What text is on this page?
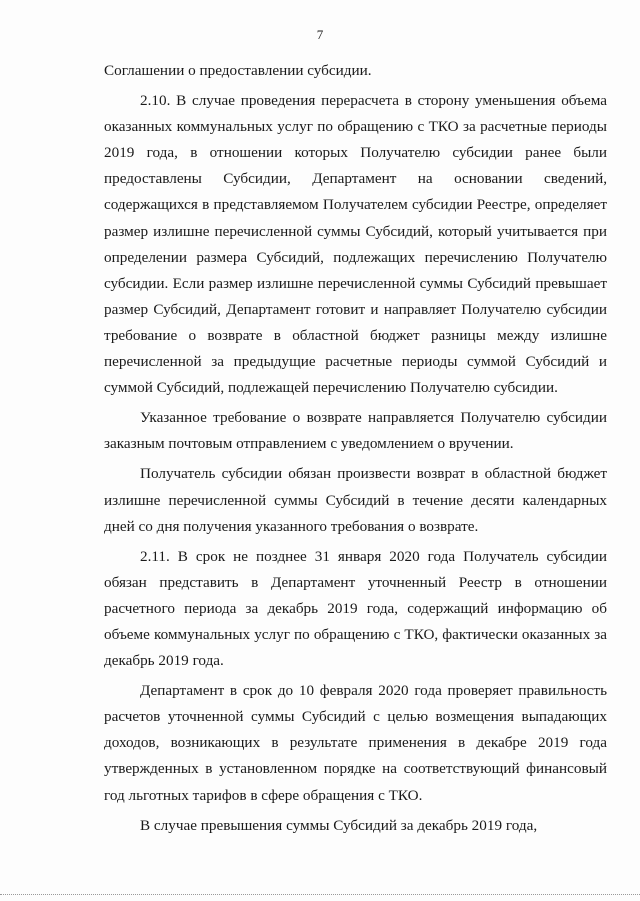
7

Соглашении о предоставлении субсидии.

2.10. В случае проведения перерасчета в сторону уменьшения объема оказанных коммунальных услуг по обращению с ТКО за расчетные периоды 2019 года, в отношении которых Получателю субсидии ранее были предоставлены Субсидии, Департамент на основании сведений, содержащихся в представляемом Получателем субсидии Реестре, определяет размер излишне перечисленной суммы Субсидий, который учитывается при определении размера Субсидий, подлежащих перечислению Получателю субсидии. Если размер излишне перечисленной суммы Субсидий превышает размер Субсидий, Департамент готовит и направляет Получателю субсидии требование о возврате в областной бюджет разницы между излишне перечисленной за предыдущие расчетные периоды суммой Субсидий и суммой Субсидий, подлежащей перечислению Получателю субсидии.

Указанное требование о возврате направляется Получателю субсидии заказным почтовым отправлением с уведомлением о вручении.

Получатель субсидии обязан произвести возврат в областной бюджет излишне перечисленной суммы Субсидий в течение десяти календарных дней со дня получения указанного требования о возврате.

2.11. В срок не позднее 31 января 2020 года Получатель субсидии обязан представить в Департамент уточненный Реестр в отношении расчетного периода за декабрь 2019 года, содержащий информацию об объеме коммунальных услуг по обращению с ТКО, фактически оказанных за декабрь 2019 года.

Департамент в срок до 10 февраля 2020 года проверяет правильность расчетов уточненной суммы Субсидий с целью возмещения выпадающих доходов, возникающих в результате применения в декабре 2019 года утвержденных в установленном порядке на соответствующий финансовый год льготных тарифов в сфере обращения с ТКО.

В случае превышения суммы Субсидий за декабрь 2019 года,
